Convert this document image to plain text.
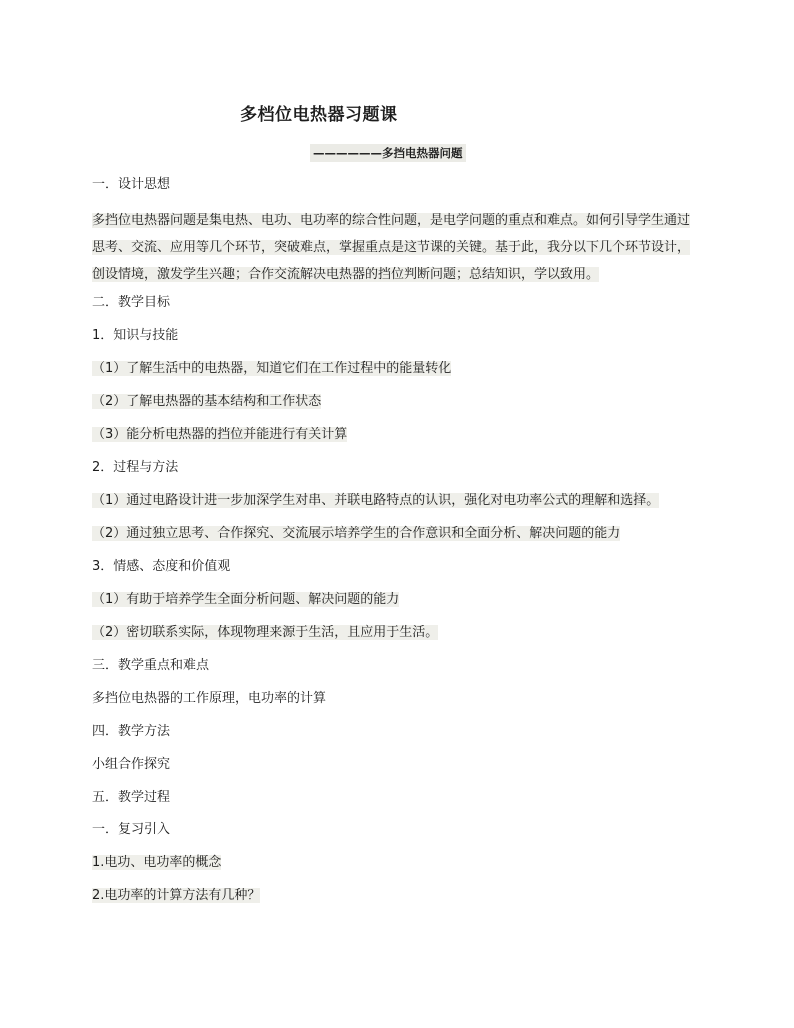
多档位电热器习题课
——————多挡电热器问题
一．设计思想
多挡位电热器问题是集电热、电功、电功率的综合性问题，是电学问题的重点和难点。如何引导学生通过思考、交流、应用等几个环节，突破难点，掌握重点是这节课的关键。基于此，我分以下几个环节设计，创设情境，激发学生兴趣；合作交流解决电热器的挡位判断问题；总结知识，学以致用。
二．教学目标
1．知识与技能
（1）了解生活中的电热器，知道它们在工作过程中的能量转化
（2）了解电热器的基本结构和工作状态
（3）能分析电热器的挡位并能进行有关计算
2．过程与方法
（1）通过电路设计进一步加深学生对串、并联电路特点的认识，强化对电功率公式的理解和选择。
（2）通过独立思考、合作探究、交流展示培养学生的合作意识和全面分析、解决问题的能力
3．情感、态度和价值观
（1）有助于培养学生全面分析问题、解决问题的能力
（2）密切联系实际，体现物理来源于生活，且应用于生活。
三．教学重点和难点
多挡位电热器的工作原理，电功率的计算
四．教学方法
小组合作探究
五．教学过程
一．复习引入
1.电功、电功率的概念
2.电功率的计算方法有几种？
